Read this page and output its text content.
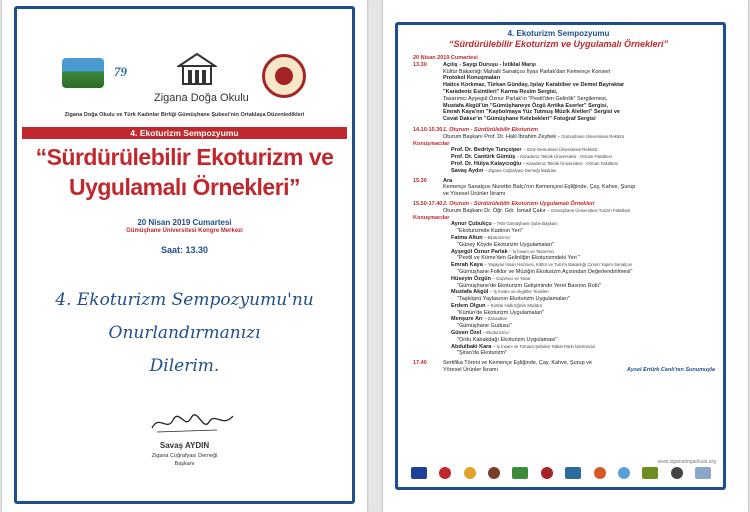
79
Zigana Doğa Okulu
Zigana Doğa Okulu ve Türk Kadınlar Birliği Gümüşhane Şubesi'nin Ortaklaşa Düzenledikleri
4. Ekoturizm Sempozyumu
“Sürdürülebilir Ekoturizm ve
Uygulamalı Örnekleri”
20 Nisan 2019 Cumartesi
Gümüşhane Üniversitesi Kongre Merkezi
Saat: 13.30
4. Ekoturizm Sempozyumu'nu
Onurlandırmanızı
Dilerim.
Savaş AYDIN
Zigana Coğrafyası Derneği
Başkanı
4. Ekoturizm Sempozyumu
“Sürdürülebilir Ekoturizm ve Uygulamalı Örnekleri”
20 Nisan 2019 Cumartesi
13.30	Açılış - Saygı Duruşu - İstiklal Marşı
Kültür Bakanlığı Mahalli Sanatçısı İlyas Parlak'dan Kemençe Konseri
Protokol Konuşmaları
Hatice Korkmaz, Türkan Günday, Işılay Karabiber ve Demet Bayraktar
"Karadeniz Esintileri" Karma Resim Sergisi,
Tasarımcı Ayşegül Öznur Parlak'ın "Pestil'den Gelinlik" Sergilemesi,
Mustafa Akgül'ün "Gümüşhaneye Özgü Antika Eserler" Sergisi,
Emrah Kaya'nın "Kaybolmaya Yüz Tutmuş Müzik Aletleri" Sergisi ve
Cevat Daksır'ın "Gümüşhane Kelebekleri" Fotoğraf Sergisi
14.10-15.30 1. Oturum - Sürdürülebilir Ekoturizm
Oturum Başkanı Prof. Dr. Halil İbrahim Zeybek – Gümüşhane Üniversitesi Rektörü
Konuşmacılar
Prof. Dr. Bedriye Tunçsiper – İzmir Demokrasi Üniversitesi Rektörü
Prof. Dr. Cantürk Gümüş – Karadeniz Teknik Üniversitesi - Orman Fakültesi
Prof. Dr. Hülya Kalaycıoğlu – Karadeniz Teknik Üniversitesi - Orman Fakültesi
Savaş Aydın – Zigana Coğrafyası Derneği Başkanı
15.30	Ara
Kemençe Sanatçısı Nurettin Balçı'nın Kemençesi Eşliğinde, Çay, Kahve, Şurup
ve Yöresel Ürünler İkramı
15.50-17.40 2. Oturum - Sürdürülebilir Ekoturizm Uygulamalı Örnekleri
Oturum Başkanı Dr. Öğr. Gör. İsmail Çakır – Gümüşhane Üniversitesi Turizm Fakültesi
Konuşmacılar
Aynur Çubukçu – TKB Gümüşhane Şube Başkanı
"Ekoturizmde Kadının Yeri"
Fatma Altun – Ekoturizmci
"Güney Köyde Ekoturizm Uygulamaları"
Ayşegül Öznur Parlak – İş İnsanı ve Tasarımcı
"Pestil ve Köme'den Gelinliğin Ekoturizmdeki Yeri "
Emrah Kaya – Yaşayan İnsan Hazinesi, Kültür ve Turizm Bakanlığı Çimon Yapım Sanatçısı
"Gümüşhane Folklor ve Müziğin Ekoturizm Açısından Değerlendirilmesi"
Hüseyin Özgün – Gazeteci ve Yazar
"Gümüşhane'de Ekoturizm Gelişiminde Yerel Basının Rolü"
Mustafa Akgül – İş İnsanı ve Akgüller Tesisleri
"Taşköprü Yaylasının Ekoturizm Uygulamaları"
Erdem Olgun – Kürtün Halk Eğitim Müdürü
"Kürtün'de Ekoturizm Uygulamaları"
Menşure Arı – Zanaatkar
"Gümüşhane Gudusu"
Güven Özel – Ekoturizmci
"Ordu Kabakdağı Ekoturizm Uygulaması"
Abdulbaki Kara – İş İnsanı ve Tomara Şelalesi Tabiat Parkı İşletmecisi
"Şiran'da Ekoturizm"
17.40	Sertifika Töreni ve Kemençe Eşliğinde, Çay, Kahve, Şurup ve
Yöresel Ürünler İkramı	Aysel Ertürk Canlı'nın Sunumuyla
www.ziganadogaokulu.org
